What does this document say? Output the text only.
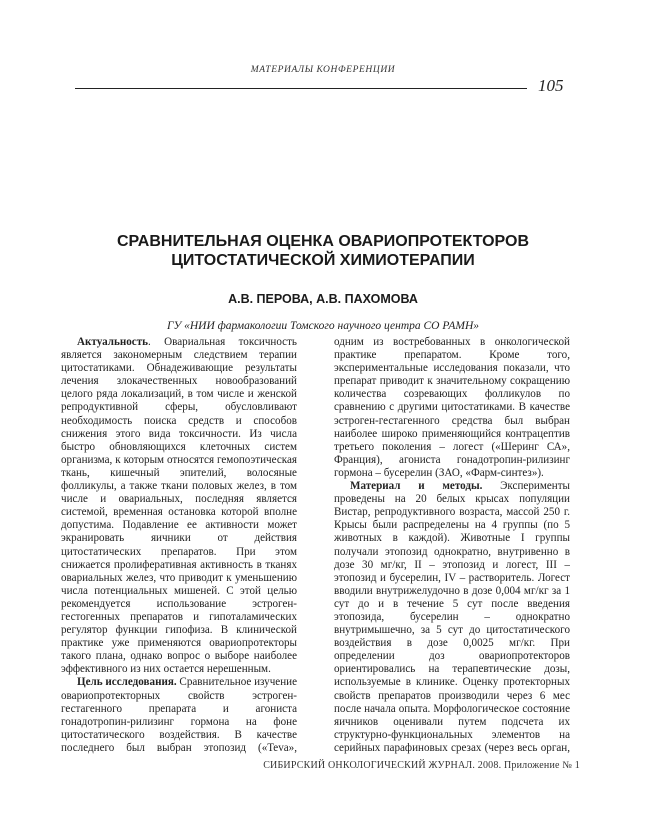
МАТЕРИАЛЫ КОНФЕРЕНЦИИ
105
СРАВНИТЕЛЬНАЯ ОЦЕНКА ОВАРИОПРОТЕКТОРОВ
ЦИТОСТАТИЧЕСКОЙ ХИМИОТЕРАПИИ
А.В. ПЕРОВА, А.В. ПАХОМОВА
ГУ «НИИ фармакологии Томского научного центра СО РАМН»

Актуальность. Овариальная токсичность является закономерным следствием терапии цитостатиками. Обнадеживающие результаты лечения злокачественных новообразований целого ряда локализаций, в том числе и женской репродуктивной сферы, обусловливают необходимость поиска средств и способов снижения этого вида токсичности. Из числа быстро обновляющихся клеточных систем организма, к которым относятся гемопоэтическая ткань, кишечный эпителий, волосяные фолликулы, а также ткани половых желез, в том числе и овариальных, последняя является системой, временная остановка которой вполне допустима. Подавление ее активности может экранировать яичники от действия цитостатических препаратов. При этом снижается пролиферативная активность в тканях овариальных желез, что приводит к уменьшению числа потенциальных мишеней. С этой целью рекомендуется использование эстроген-гестогенных препаратов и гипоталамических регулятор функции гипофиза. В клинической практике уже применяются овариопротекторы такого плана, однако вопрос о выборе наиболее эффективного из них остается нерешенным.

Цель исследования. Сравнительное изучение овариопротекторных свойств эстроген-гестагенного препарата и агониста гонадотропин-рилизинг гормона на фоне цитостатического воздействия. В качестве последнего был выбран этопозид («Teva»,

одним из востребованных в онкологической практике препаратом. Кроме того, экспериментальные исследования показали, что препарат приводит к значительному сокращению количества созревающих фолликулов по сравнению с другими цитостатиками. В качестве эстроген-гестагенного средства был выбран наиболее широко применяющийся контрацептив третьего поколения – логест («Шеринг СА», Франция), агониста гонадотропин-рилизинг гормона – бусерелин (ЗАО, «Фарм-синтез»).

Материал и методы. Эксперименты проведены на 20 белых крысах популяции Вистар, репродуктивного возраста, массой 250 г. Крысы были распределены на 4 группы (по 5 животных в каждой). Животные I группы получали этопозид однократно, внутривенно в дозе 30 мг/кг, II – этопозид и логест, III – этопозид и бусерелин, IV – растворитель. Логест вводили внутрижелудочно в дозе 0,004 мг/кг за 1 сут до и в течение 5 сут после введения этопозида, бусерелин – однократно внутримышечно, за 5 сут до цитостатического воздействия в дозе 0,0025 мг/кг. При определении доз овариопротекторов ориентировались на терапевтические дозы, используемые в клинике. Оценку протекторных свойств препаратов производили через 6 мес после начала опыта. Морфологическое состояние яичников оценивали путем подсчета их структурно-функциональных элементов на серийных парафиновых срезах (через весь орган,

СИБИРСКИЙ ОНКОЛОГИЧЕСКИЙ ЖУРНАЛ. 2008. Приложение № 1
